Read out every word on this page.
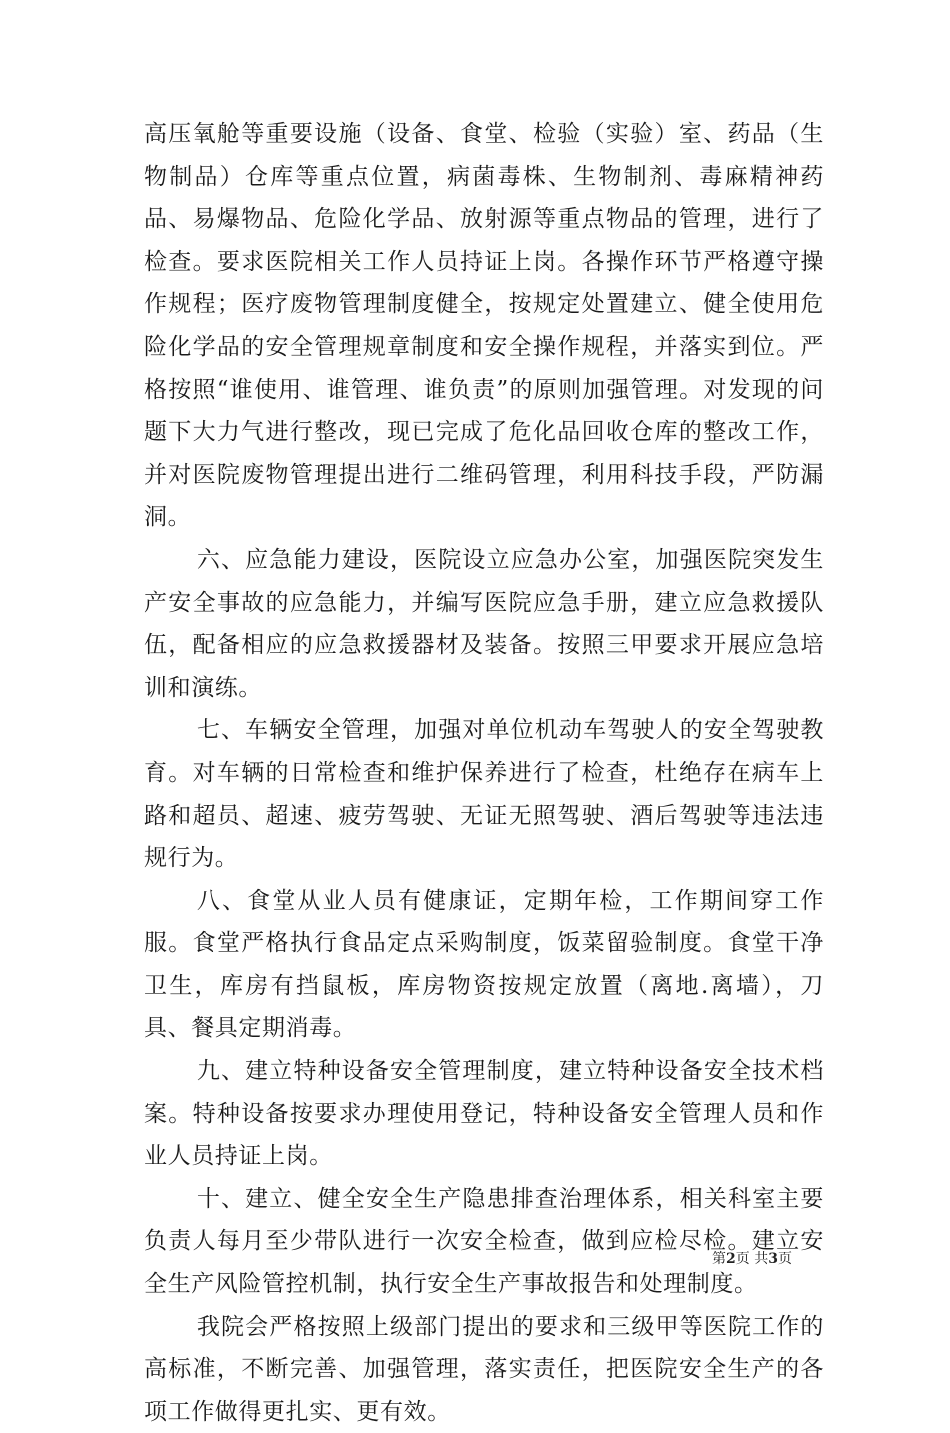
高压氧舱等重要设施（设备、食堂、检验（实验）室、药品（生物制品）仓库等重点位置，病菌毒株、生物制剂、毒麻精神药品、易爆物品、危险化学品、放射源等重点物品的管理，进行了检查。要求医院相关工作人员持证上岗。各操作环节严格遵守操作规程；医疗废物管理制度健全，按规定处置建立、健全使用危险化学品的安全管理规章制度和安全操作规程，并落实到位。严格按照“谁使用、谁管理、谁负责”的原则加强管理。对发现的问题下大力气进行整改，现已完成了危化品回收仓库的整改工作，并对医院废物管理提出进行二维码管理，利用科技手段，严防漏洞。

六、应急能力建设，医院设立应急办公室，加强医院突发生产安全事故的应急能力，并编写医院应急手册，建立应急救援队伍，配备相应的应急救援器材及装备。按照三甲要求开展应急培训和演练。

七、车辆安全管理，加强对单位机动车驾驶人的安全驾驶教育。对车辆的日常检查和维护保养进行了检查，杜绝存在病车上路和超员、超速、疲劳驾驶、无证无照驾驶、酒后驾驶等违法违规行为。

八、食堂从业人员有健康证，定期年检，工作期间穿工作服。食堂严格执行食品定点采购制度，饭菜留验制度。食堂干净卫生，库房有挡鼠板，库房物资按规定放置（离地.离墙），刀具、餐具定期消毒。

九、建立特种设备安全管理制度，建立特种设备安全技术档案。特种设备按要求办理使用登记，特种设备安全管理人员和作业人员持证上岗。

十、建立、健全安全生产隐患排查治理体系，相关科室主要负责人每月至少带队进行一次安全检查，做到应检尽检。建立安全生产风险管控机制，执行安全生产事故报告和处理制度。

我院会严格按照上级部门提出的要求和三级甲等医院工作的高标准，不断完善、加强管理，落实责任，把医院安全生产的各项工作做得更扎实、更有效。

第2页 共3页
